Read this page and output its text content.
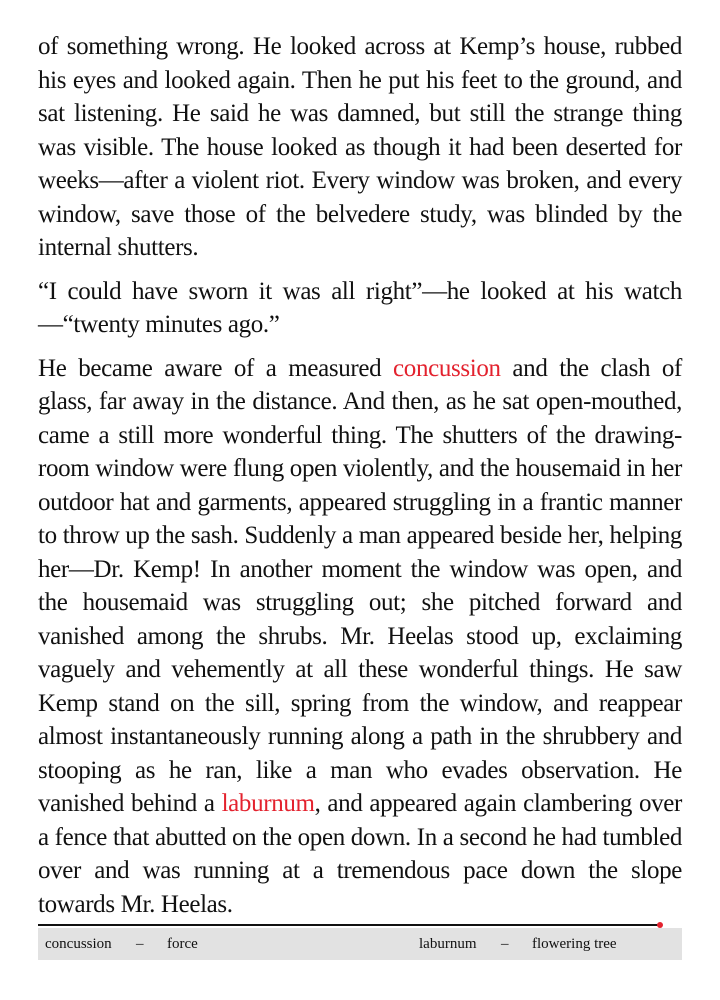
of something wrong. He looked across at Kemp’s house, rubbed his eyes and looked again. Then he put his feet to the ground, and sat listening. He said he was damned, but still the strange thing was visible. The house looked as though it had been deserted for weeks—after a violent riot. Every window was broken, and every window, save those of the belvedere study, was blinded by the internal shutters.

“I could have sworn it was all right”—he looked at his watch—“twenty minutes ago.”

He became aware of a measured concussion and the clash of glass, far away in the distance. And then, as he sat open-mouthed, came a still more wonderful thing. The shutters of the drawing-room window were flung open violently, and the housemaid in her outdoor hat and garments, appeared struggling in a frantic manner to throw up the sash. Suddenly a man appeared beside her, helping her—Dr. Kemp! In another moment the window was open, and the housemaid was struggling out; she pitched forward and vanished among the shrubs. Mr. Heelas stood up, exclaiming vaguely and vehemently at all these wonderful things. He saw Kemp stand on the sill, spring from the window, and reappear almost instantaneously running along a path in the shrubbery and stooping as he ran, like a man who evades observation. He vanished behind a laburnum, and appeared again clambering over a fence that abutted on the open down. In a second he had tumbled over and was running at a tremendous pace down the slope towards Mr. Heelas.

concussion – force	laburnum – flowering tree
